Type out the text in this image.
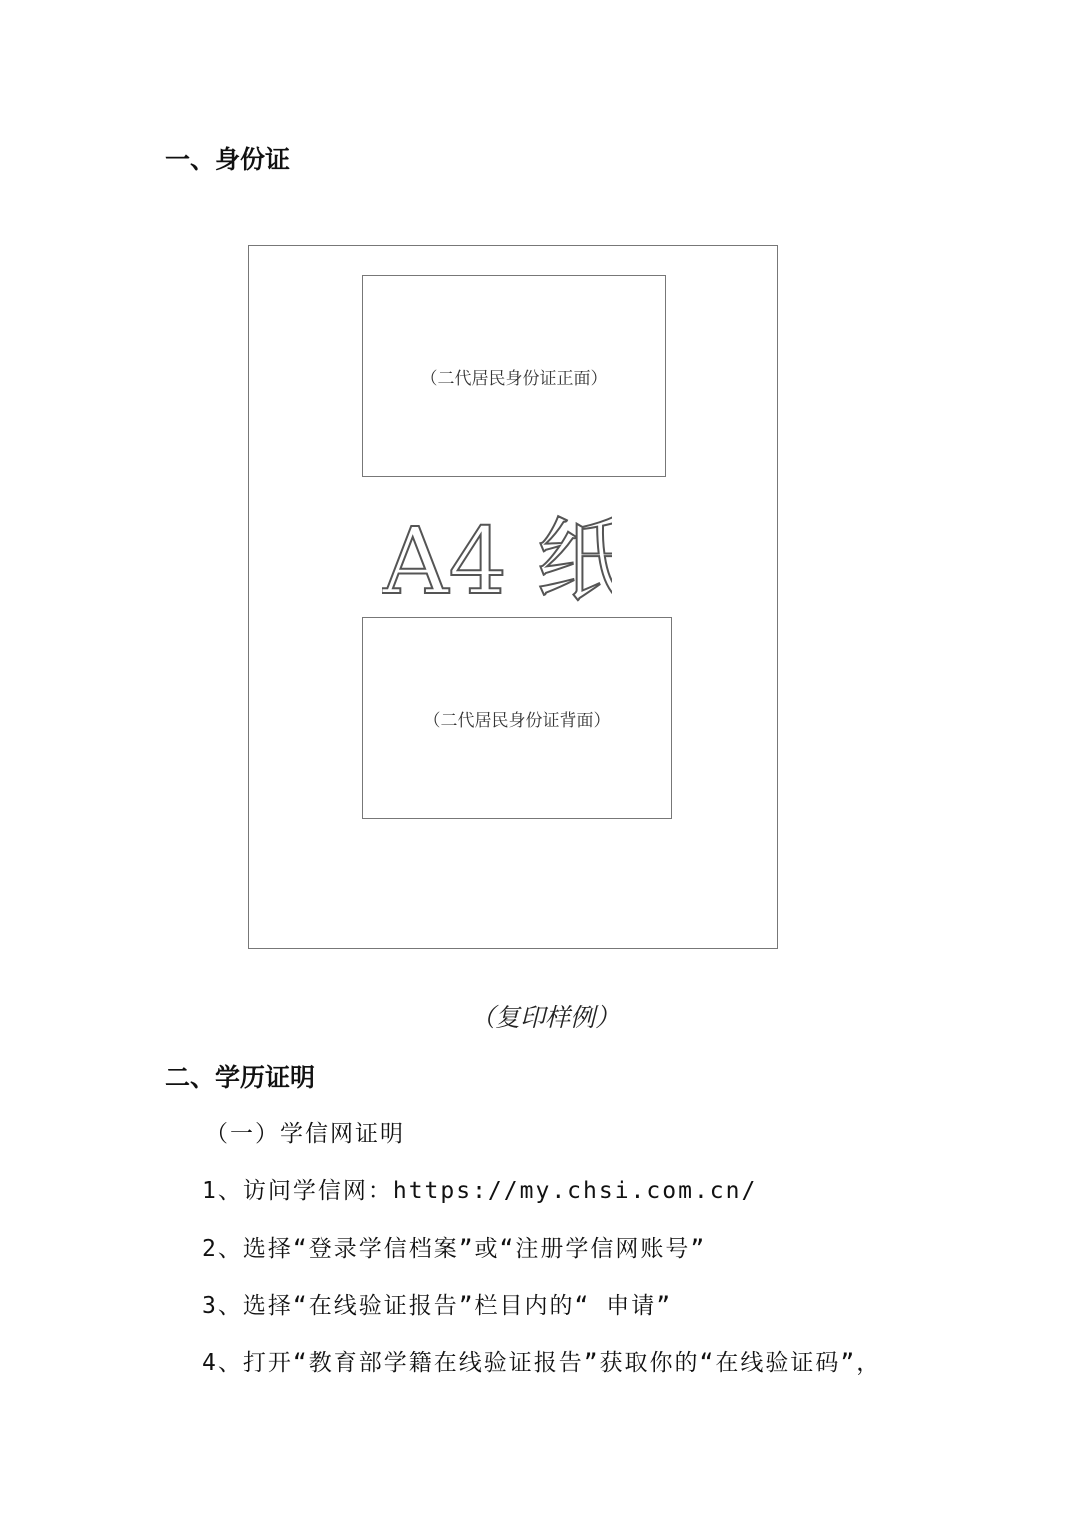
一、身份证
（二代居民身份证正面）
A4 纸
（二代居民身份证背面）
（复印样例）
二、学历证明
（一）学信网证明
1、访问学信网：https://my.chsi.com.cn/
2、选择“登录学信档案”或“注册学信网账号”
3、选择“在线验证报告”栏目内的“ 申请”
4、打开“教育部学籍在线验证报告”获取你的“在线验证码”，
